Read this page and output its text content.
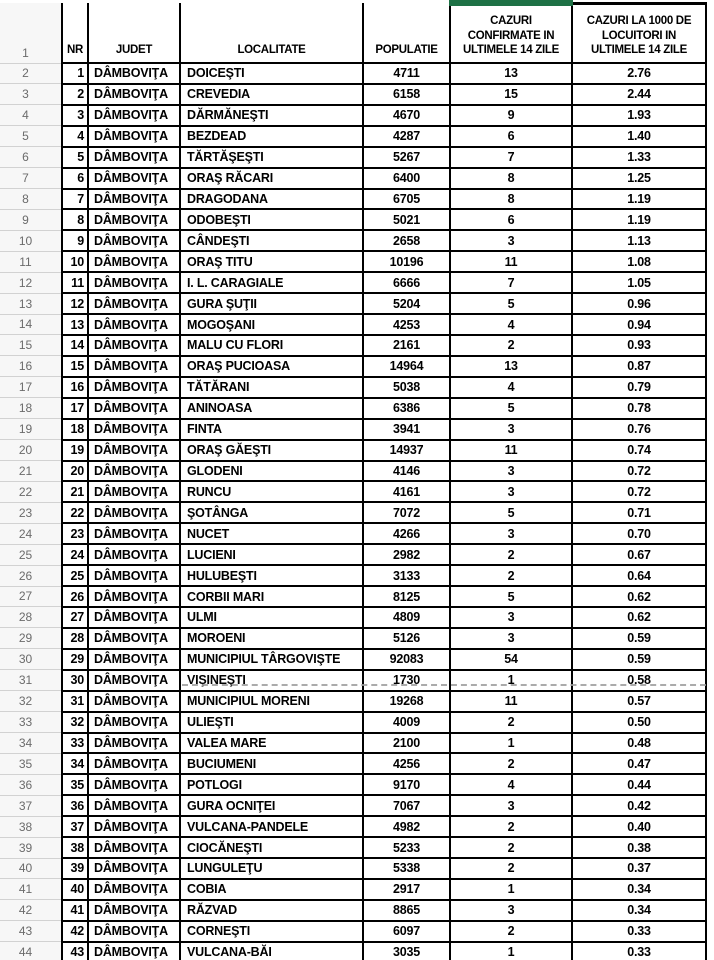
1	NR	JUDET	LOCALITATE	POPULATIE	CAZURI CONFIRMATE IN ULTIMELE 14 ZILE	CAZURI LA 1000 DE LOCUITORI IN ULTIMELE 14 ZILE
2	1	DÂMBOVIŢA	DOICEŞTI	4711	13	2.76
3	2	DÂMBOVIŢA	CREVEDIA	6158	15	2.44
4	3	DÂMBOVIŢA	DĂRMĂNEŞTI	4670	9	1.93
5	4	DÂMBOVIŢA	BEZDEAD	4287	6	1.40
6	5	DÂMBOVIŢA	TĂRTĂŞEŞTI	5267	7	1.33
7	6	DÂMBOVIŢA	ORAŞ RĂCARI	6400	8	1.25
8	7	DÂMBOVIŢA	DRAGODANA	6705	8	1.19
9	8	DÂMBOVIŢA	ODOBEŞTI	5021	6	1.19
10	9	DÂMBOVIŢA	CÂNDEŞTI	2658	3	1.13
11	10	DÂMBOVIŢA	ORAŞ TITU	10196	11	1.08
12	11	DÂMBOVIŢA	I. L. CARAGIALE	6666	7	1.05
13	12	DÂMBOVIŢA	GURA ŞUŢII	5204	5	0.96
14	13	DÂMBOVIŢA	MOGOŞANI	4253	4	0.94
15	14	DÂMBOVIŢA	MALU CU FLORI	2161	2	0.93
16	15	DÂMBOVIŢA	ORAŞ PUCIOASA	14964	13	0.87
17	16	DÂMBOVIŢA	TĂTĂRANI	5038	4	0.79
18	17	DÂMBOVIŢA	ANINOASA	6386	5	0.78
19	18	DÂMBOVIŢA	FINTA	3941	3	0.76
20	19	DÂMBOVIŢA	ORAŞ GĂEŞTI	14937	11	0.74
21	20	DÂMBOVIŢA	GLODENI	4146	3	0.72
22	21	DÂMBOVIŢA	RUNCU	4161	3	0.72
23	22	DÂMBOVIŢA	ŞOTÂNGA	7072	5	0.71
24	23	DÂMBOVIŢA	NUCET	4266	3	0.70
25	24	DÂMBOVIŢA	LUCIENI	2982	2	0.67
26	25	DÂMBOVIŢA	HULUBEŞTI	3133	2	0.64
27	26	DÂMBOVIŢA	CORBII MARI	8125	5	0.62
28	27	DÂMBOVIŢA	ULMI	4809	3	0.62
29	28	DÂMBOVIŢA	MOROENI	5126	3	0.59
30	29	DÂMBOVIŢA	MUNICIPIUL TÂRGOVIŞTE	92083	54	0.59
31	30	DÂMBOVIŢA	VIŞINEŞTI	1730	1	0.58
32	31	DÂMBOVIŢA	MUNICIPIUL MORENI	19268	11	0.57
33	32	DÂMBOVIŢA	ULIEŞTI	4009	2	0.50
34	33	DÂMBOVIŢA	VALEA MARE	2100	1	0.48
35	34	DÂMBOVIŢA	BUCIUMENI	4256	2	0.47
36	35	DÂMBOVIŢA	POTLOGI	9170	4	0.44
37	36	DÂMBOVIŢA	GURA OCNIŢEI	7067	3	0.42
38	37	DÂMBOVIŢA	VULCANA-PANDELE	4982	2	0.40
39	38	DÂMBOVIŢA	CIOCĂNEŞTI	5233	2	0.38
40	39	DÂMBOVIŢA	LUNGULEŢU	5338	2	0.37
41	40	DÂMBOVIŢA	COBIA	2917	1	0.34
42	41	DÂMBOVIŢA	RĂZVAD	8865	3	0.34
43	42	DÂMBOVIŢA	CORNEŞTI	6097	2	0.33
44	43	DÂMBOVIŢA	VULCANA-BĂI	3035	1	0.33
